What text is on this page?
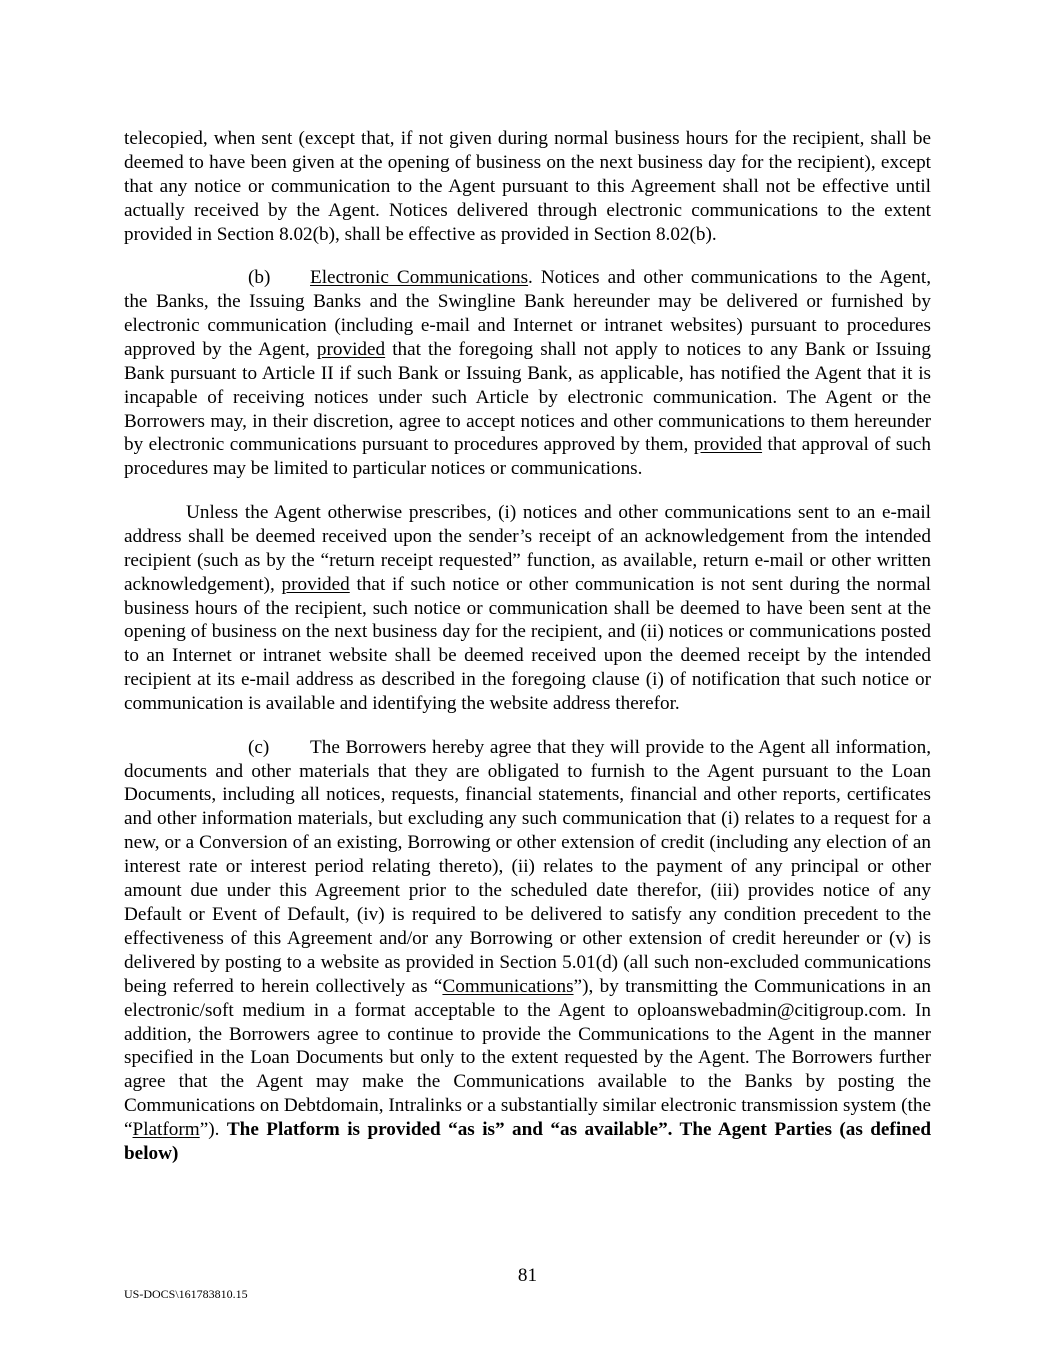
telecopied, when sent (except that, if not given during normal business hours for the recipient, shall be deemed to have been given at the opening of business on the next business day for the recipient), except that any notice or communication to the Agent pursuant to this Agreement shall not be effective until actually received by the Agent. Notices delivered through electronic communications to the extent provided in Section 8.02(b), shall be effective as provided in Section 8.02(b).

(b) Electronic Communications. Notices and other communications to the Agent, the Banks, the Issuing Banks and the Swingline Bank hereunder may be delivered or furnished by electronic communication (including e-mail and Internet or intranet websites) pursuant to procedures approved by the Agent, provided that the foregoing shall not apply to notices to any Bank or Issuing Bank pursuant to Article II if such Bank or Issuing Bank, as applicable, has notified the Agent that it is incapable of receiving notices under such Article by electronic communication. The Agent or the Borrowers may, in their discretion, agree to accept notices and other communications to them hereunder by electronic communications pursuant to procedures approved by them, provided that approval of such procedures may be limited to particular notices or communications.

Unless the Agent otherwise prescribes, (i) notices and other communications sent to an e-mail address shall be deemed received upon the sender’s receipt of an acknowledgement from the intended recipient (such as by the “return receipt requested” function, as available, return e-mail or other written acknowledgement), provided that if such notice or other communication is not sent during the normal business hours of the recipient, such notice or communication shall be deemed to have been sent at the opening of business on the next business day for the recipient, and (ii) notices or communications posted to an Internet or intranet website shall be deemed received upon the deemed receipt by the intended recipient at its e-mail address as described in the foregoing clause (i) of notification that such notice or communication is available and identifying the website address therefor.

(c) The Borrowers hereby agree that they will provide to the Agent all information, documents and other materials that they are obligated to furnish to the Agent pursuant to the Loan Documents, including all notices, requests, financial statements, financial and other reports, certificates and other information materials, but excluding any such communication that (i) relates to a request for a new, or a Conversion of an existing, Borrowing or other extension of credit (including any election of an interest rate or interest period relating thereto), (ii) relates to the payment of any principal or other amount due under this Agreement prior to the scheduled date therefor, (iii) provides notice of any Default or Event of Default, (iv) is required to be delivered to satisfy any condition precedent to the effectiveness of this Agreement and/or any Borrowing or other extension of credit hereunder or (v) is delivered by posting to a website as provided in Section 5.01(d) (all such non-excluded communications being referred to herein collectively as “Communications”), by transmitting the Communications in an electronic/soft medium in a format acceptable to the Agent to oploanswebadmin@citigroup.com. In addition, the Borrowers agree to continue to provide the Communications to the Agent in the manner specified in the Loan Documents but only to the extent requested by the Agent. The Borrowers further agree that the Agent may make the Communications available to the Banks by posting the Communications on Debtdomain, Intralinks or a substantially similar electronic transmission system (the “Platform”). The Platform is provided “as is” and “as available”. The Agent Parties (as defined below)

81
US-DOCS\161783810.15
